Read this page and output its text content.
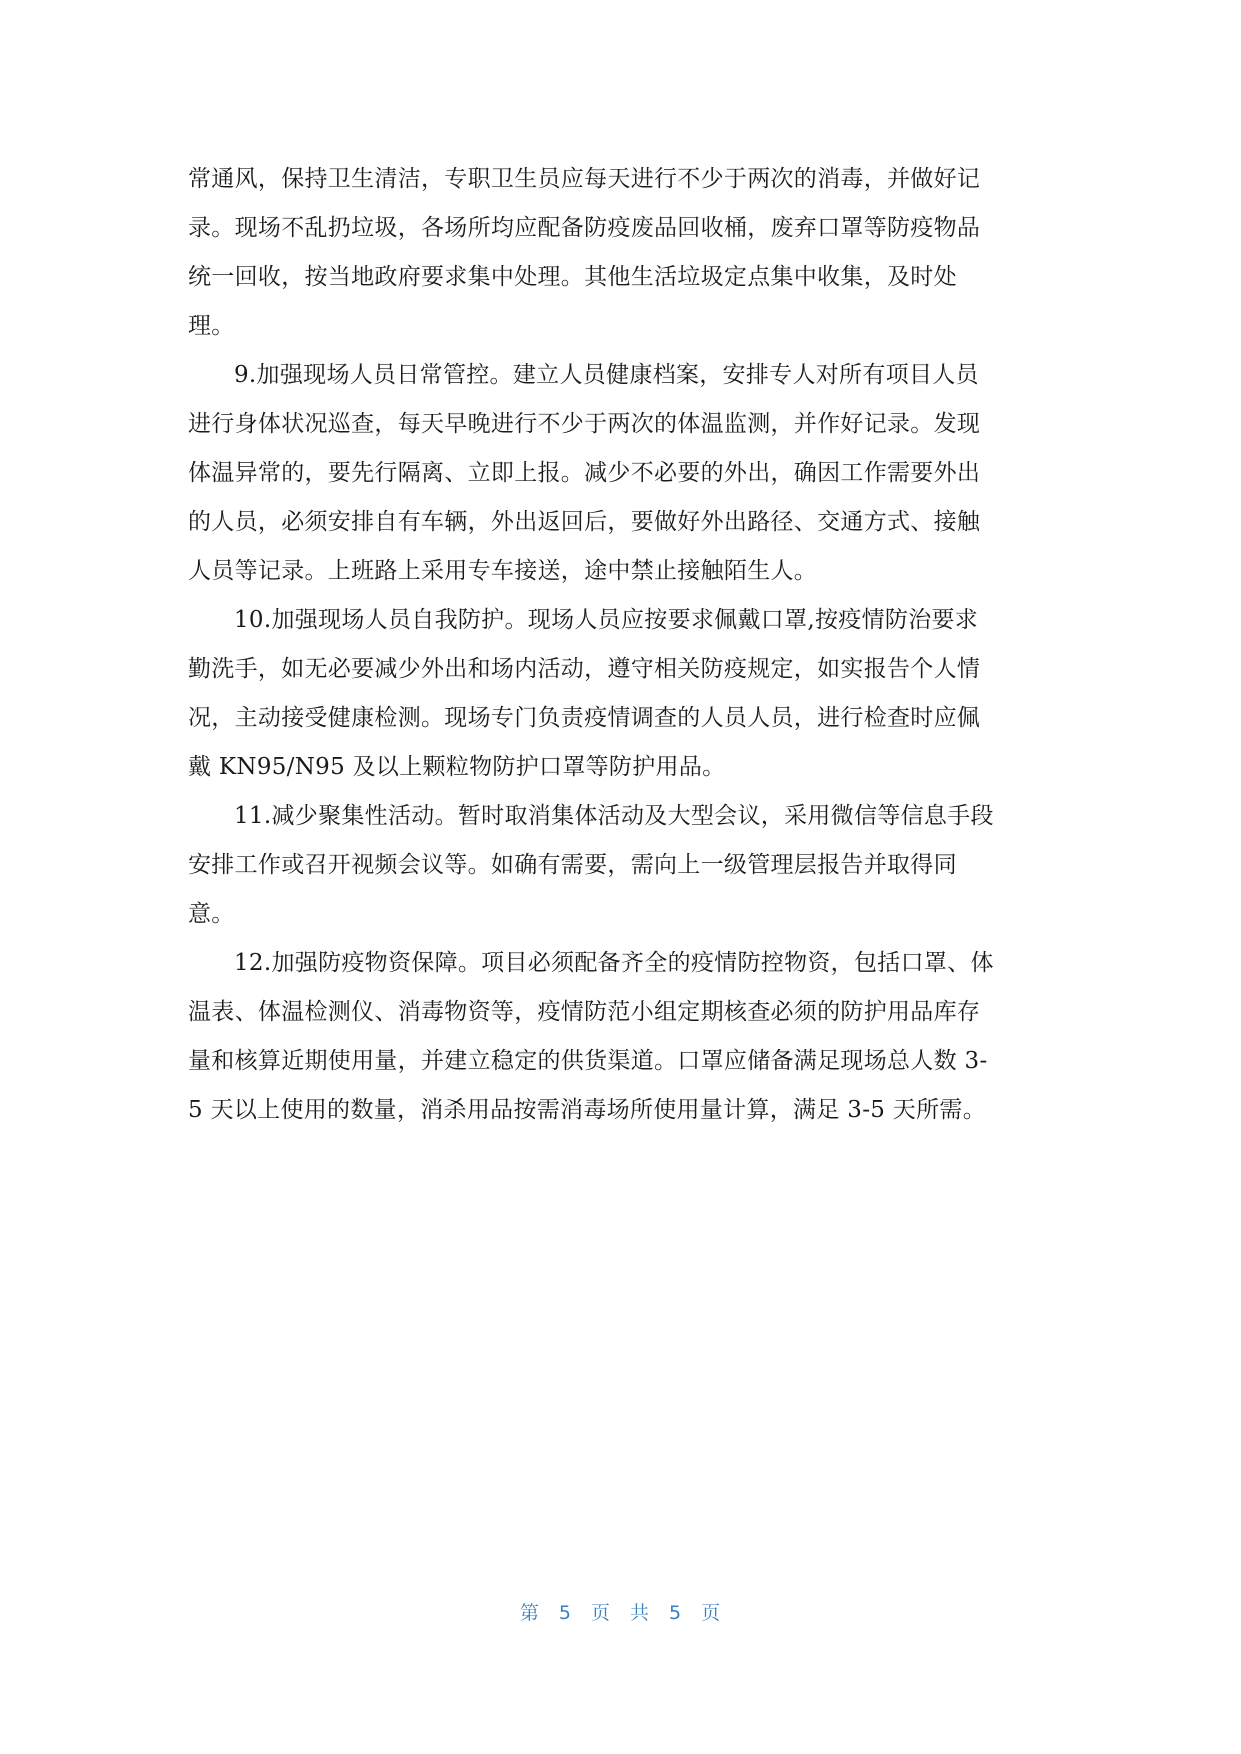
常通风，保持卫生清洁，专职卫生员应每天进行不少于两次的消毒，并做好记
录。现场不乱扔垃圾，各场所均应配备防疫废品回收桶，废弃口罩等防疫物品
统一回收，按当地政府要求集中处理。其他生活垃圾定点集中收集，及时处
理。
9.加强现场人员日常管控。建立人员健康档案，安排专人对所有项目人员
进行身体状况巡查，每天早晚进行不少于两次的体温监测，并作好记录。发现
体温异常的，要先行隔离、立即上报。减少不必要的外出，确因工作需要外出
的人员，必须安排自有车辆，外出返回后，要做好外出路径、交通方式、接触
人员等记录。上班路上采用专车接送，途中禁止接触陌生人。
10.加强现场人员自我防护。现场人员应按要求佩戴口罩,按疫情防治要求
勤洗手，如无必要减少外出和场内活动，遵守相关防疫规定，如实报告个人情
况，主动接受健康检测。现场专门负责疫情调查的人员人员，进行检查时应佩
戴 KN95/N95 及以上颗粒物防护口罩等防护用品。
11.减少聚集性活动。暂时取消集体活动及大型会议，采用微信等信息手段
安排工作或召开视频会议等。如确有需要，需向上一级管理层报告并取得同
意。
12.加强防疫物资保障。项目必须配备齐全的疫情防控物资，包括口罩、体
温表、体温检测仪、消毒物资等，疫情防范小组定期核查必须的防护用品库存
量和核算近期使用量，并建立稳定的供货渠道。口罩应储备满足现场总人数 3-
5 天以上使用的数量，消杀用品按需消毒场所使用量计算，满足 3-5 天所需。
第 5 页 共 5 页
